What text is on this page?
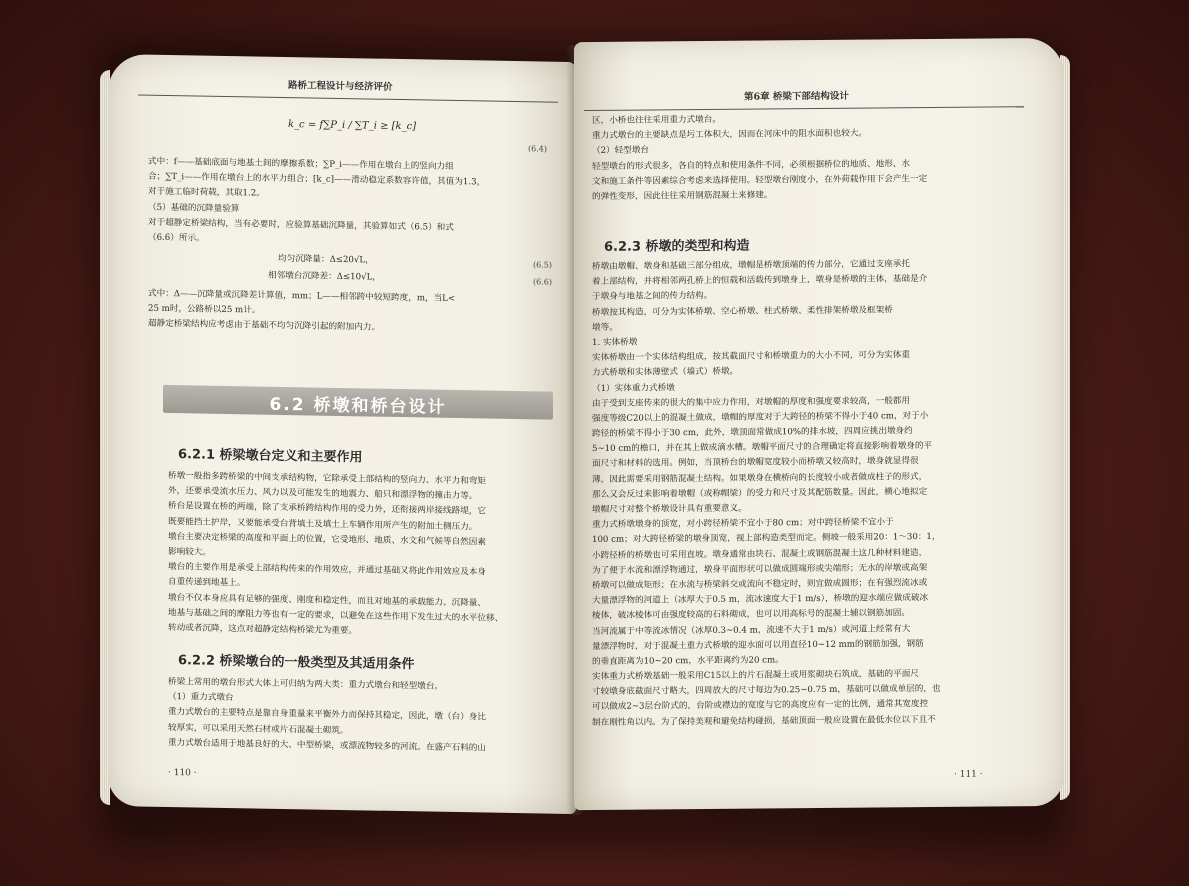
路桥工程设计与经济评价
k_c = f∑P_i / ∑T_i ≥ [k_c]
(6.4)
式中：f——基础底面与地基土间的摩擦系数；∑P_i——作用在墩台上的竖向力组
合；∑T_i——作用在墩台上的水平力组合；[k_c]——滑动稳定系数容许值，其值为1.3，
对于施工临时荷载，其取1.2。
（5）基础的沉降量验算
对于超静定桥梁结构，当有必要时，应验算基础沉降量，其验算如式（6.5）和式
（6.6）所示。
均匀沉降量：Δ≤20√L，	(6.5)
相邻墩台沉降差：Δ≤10√L，	(6.6)
式中：Δ——沉降量或沉降差计算值，mm；L——相邻跨中较短跨度，m，当L<
25 m时，公路桥以25 m计。
超静定桥梁结构应考虑由于基础不均匀沉降引起的附加内力。
6.2 桥墩和桥台设计
6.2.1 桥梁墩台定义和主要作用
桥墩一般指多跨桥梁的中间支承结构物，它除承受上部结构的竖向力、水平力和弯矩
外，还要承受流水压力、风力以及可能发生的地震力、船只和漂浮物的撞击力等。
桥台是设置在桥的两端，除了支承桥跨结构作用的受力外，还衔接两岸接线路堤，它
既要能挡土护岸，又要能承受台背填土及填土上车辆作用所产生的附加土侧压力。
墩台主要决定桥梁的高度和平面上的位置，它受地形、地质、水文和气候等自然因素
影响较大。
墩台的主要作用是承受上部结构传来的作用效应，并通过基础又将此作用效应及本身
自重传递到地基上。
墩台不仅本身应具有足够的强度、刚度和稳定性，而且对地基的承载能力、沉降量、
地基与基础之间的摩阻力等也有一定的要求，以避免在这些作用下发生过大的水平位移、
转动或者沉降，这点对超静定结构桥梁尤为重要。
6.2.2 桥梁墩台的一般类型及其适用条件
桥梁上常用的墩台形式大体上可归纳为两大类：重力式墩台和轻型墩台。
（1）重力式墩台
重力式墩台的主要特点是靠自身重量来平衡外力而保持其稳定，因此，墩（台）身比
较厚实，可以采用天然石材或片石混凝土砌筑。
重力式墩台适用于地基良好的大、中型桥梁，或漂流物较多的河流。在盛产石料的山
· 110 ·
第6章 桥梁下部结构设计
区，小桥也往往采用重力式墩台。
重力式墩台的主要缺点是圬工体积大，因而在河床中的阻水面积也较大。
（2）轻型墩台
轻型墩台的形式很多，各自的特点和使用条件不同，必须根据桥位的地质、地形、水
文和施工条件等因素综合考虑来选择使用。轻型墩台刚度小，在外荷载作用下会产生一定
的弹性变形，因此往往采用钢筋混凝土来修建。
6.2.3 桥墩的类型和构造
桥墩由墩帽、墩身和基础三部分组成，墩帽是桥墩顶端的传力部分，它通过支座承托
着上部结构，并将相邻两孔桥上的恒载和活载传到墩身上，墩身是桥墩的主体，基础是介
于墩身与地基之间的传力结构。
桥墩按其构造，可分为实体桥墩、空心桥墩、柱式桥墩、柔性排架桥墩及框架桥
墩等。
1. 实体桥墩
实体桥墩由一个实体结构组成，按其截面尺寸和桥墩重力的大小不同，可分为实体重
力式桥墩和实体薄壁式（墙式）桥墩。
（1）实体重力式桥墩
由于受到支座传来的很大的集中应力作用，对墩帽的厚度和强度要求较高，一般都用
强度等级C20以上的混凝土做成，墩帽的厚度对于大跨径的桥梁不得小于40 cm，对于小
跨径的桥梁不得小于30 cm，此外，墩顶面常做成10%的排水坡，四周应挑出墩身约
5~10 cm的檐口，并在其上做成滴水槽。墩帽平面尺寸的合理确定将直接影响着墩身的平
面尺寸和材料的选用。例如，当顶桥台的墩帽宽度较小而桥墩又较高时，墩身就显得很
薄，因此需要采用钢筋混凝土结构。如果墩身在横桥向的长度较小或者做成柱子的形式，
那么又会反过来影响着墩帽（或称帽梁）的受力和尺寸及其配筋数量。因此，横心地拟定
墩帽尺寸对整个桥墩设计具有重要意义。
重力式桥墩墩身的顶宽，对小跨径桥梁不宜小于80 cm；对中跨径桥梁不宜小于
100 cm；对大跨径桥梁的墩身顶宽，视上部构造类型而定。侧坡一般采用20：1～30：1，
小跨径桥的桥墩也可采用直坡。墩身通常由块石、混凝土或钢筋混凝土这几种材料建造，
为了便于水流和漂浮物通过，墩身平面形状可以做成圆端形或尖端形；无水的岸墩或高架
桥墩可以做成矩形；在水流与桥梁斜交或流向不稳定时，则宜做成圆形；在有强烈流冰或
大量漂浮物的河道上（冰厚大于0.5 m，流冰速度大于1 m/s），桥墩的迎水端应做成破冰
棱体，破冰棱体可由强度较高的石料砌成，也可以用高标号的混凝土辅以钢筋加固。
当河流属于中等流冰情况（冰厚0.3~0.4 m，流速不大于1 m/s）或河道上经常有大
量漂浮物时，对于混凝土重力式桥墩的迎水面可以用直径10~12 mm的钢筋加强，钢筋
的垂直距离为10~20 cm，水平距离约为20 cm。
实体重力式桥墩基础一般采用C15以上的片石混凝土或用浆砌块石筑成，基础的平面尺
寸较墩身底截面尺寸略大，四周放大的尺寸每边为0.25~0.75 m，基础可以做成单层的，也
可以做成2~3层台阶式的，台阶或襟边的宽度与它的高度应有一定的比例，通常其宽度控
制在刚性角以内。为了保持美观和避免结构碰损，基础顶面一般应设置在最低水位以下且不
· 111 ·
